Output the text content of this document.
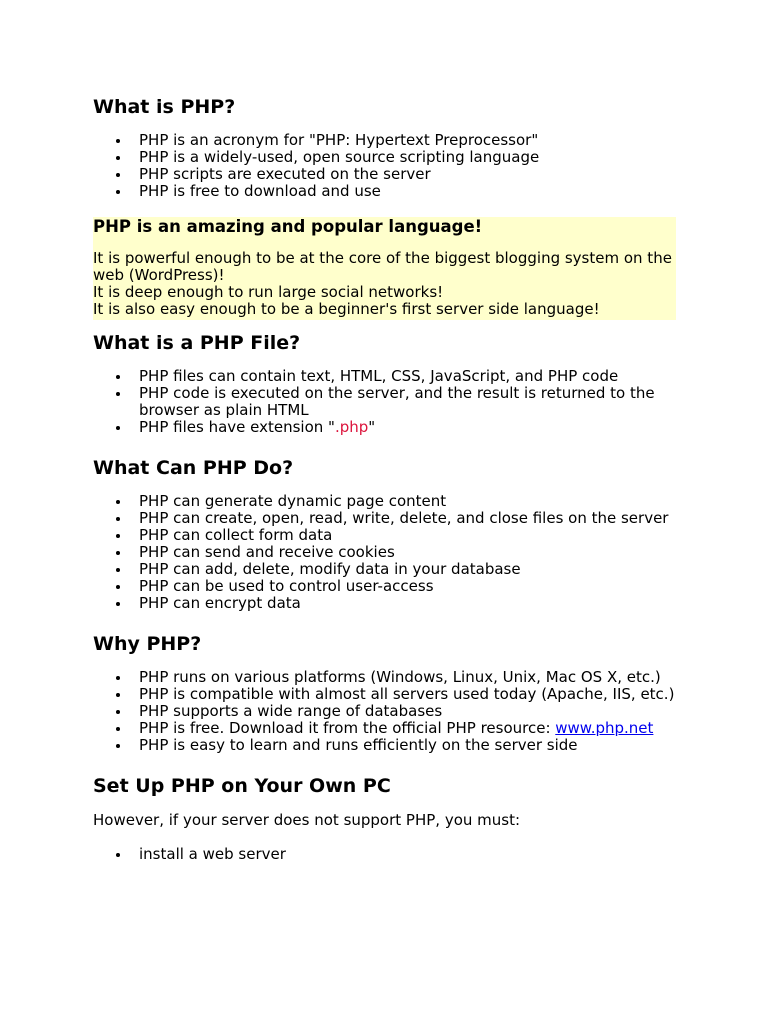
What is PHP?
PHP is an acronym for "PHP: Hypertext Preprocessor"
PHP is a widely-used, open source scripting language
PHP scripts are executed on the server
PHP is free to download and use
PHP is an amazing and popular language!

It is powerful enough to be at the core of the biggest blogging system on the web (WordPress)!

It is deep enough to run large social networks!

It is also easy enough to be a beginner's first server side language!

What is a PHP File?
PHP files can contain text, HTML, CSS, JavaScript, and PHP code
PHP code is executed on the server, and the result is returned to the browser as plain HTML
PHP files have extension ".php"
What Can PHP Do?
PHP can generate dynamic page content
PHP can create, open, read, write, delete, and close files on the server
PHP can collect form data
PHP can send and receive cookies
PHP can add, delete, modify data in your database
PHP can be used to control user-access
PHP can encrypt data
Why PHP?
PHP runs on various platforms (Windows, Linux, Unix, Mac OS X, etc.)
PHP is compatible with almost all servers used today (Apache, IIS, etc.)
PHP supports a wide range of databases
PHP is free. Download it from the official PHP resource: www.php.net
PHP is easy to learn and runs efficiently on the server side
Set Up PHP on Your Own PC

However, if your server does not support PHP, you must:

install a web server
